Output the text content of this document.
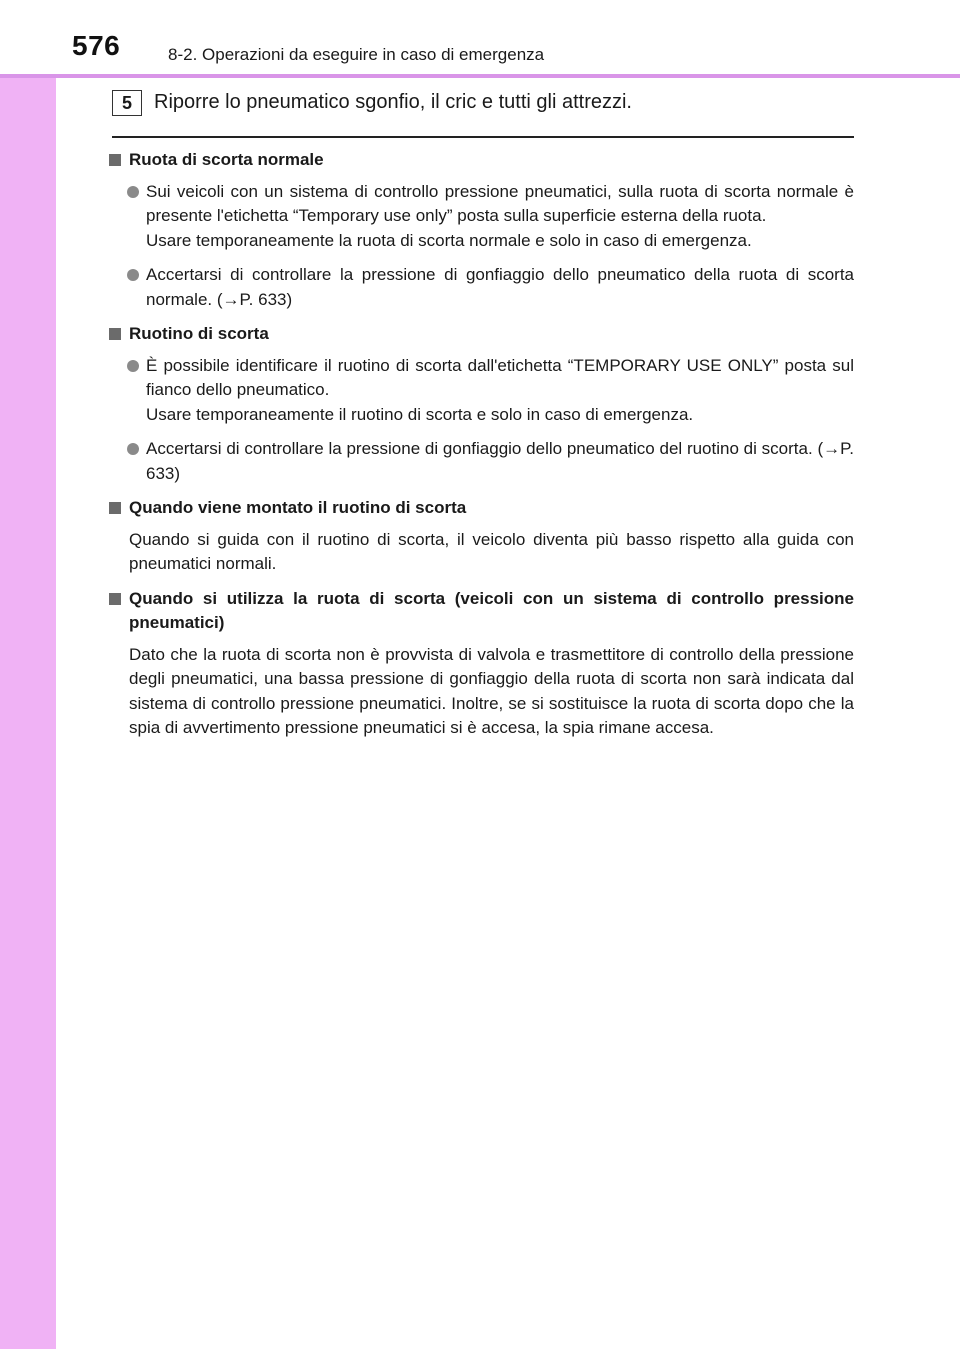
576	8-2. Operazioni da eseguire in caso di emergenza
5	Riporre lo pneumatico sgonfio, il cric e tutti gli attrezzi.
Ruota di scorta normale
Sui veicoli con un sistema di controllo pressione pneumatici, sulla ruota di scorta normale è presente l'etichetta “Temporary use only” posta sulla superficie esterna della ruota.
Usare temporaneamente la ruota di scorta normale e solo in caso di emergenza.
Accertarsi di controllare la pressione di gonfiaggio dello pneumatico della ruota di scorta normale. (→P. 633)
Ruotino di scorta
È possibile identificare il ruotino di scorta dall'etichetta “TEMPORARY USE ONLY” posta sul fianco dello pneumatico.
Usare temporaneamente il ruotino di scorta e solo in caso di emergenza.
Accertarsi di controllare la pressione di gonfiaggio dello pneumatico del ruotino di scorta. (→P. 633)
Quando viene montato il ruotino di scorta
Quando si guida con il ruotino di scorta, il veicolo diventa più basso rispetto alla guida con pneumatici normali.
Quando si utilizza la ruota di scorta (veicoli con un sistema di controllo pressione pneumatici)
Dato che la ruota di scorta non è provvista di valvola e trasmettitore di controllo della pressione degli pneumatici, una bassa pressione di gonfiaggio della ruota di scorta non sarà indicata dal sistema di controllo pressione pneumatici. Inoltre, se si sostituisce la ruota di scorta dopo che la spia di avvertimento pressione pneumatici si è accesa, la spia rimane accesa.
